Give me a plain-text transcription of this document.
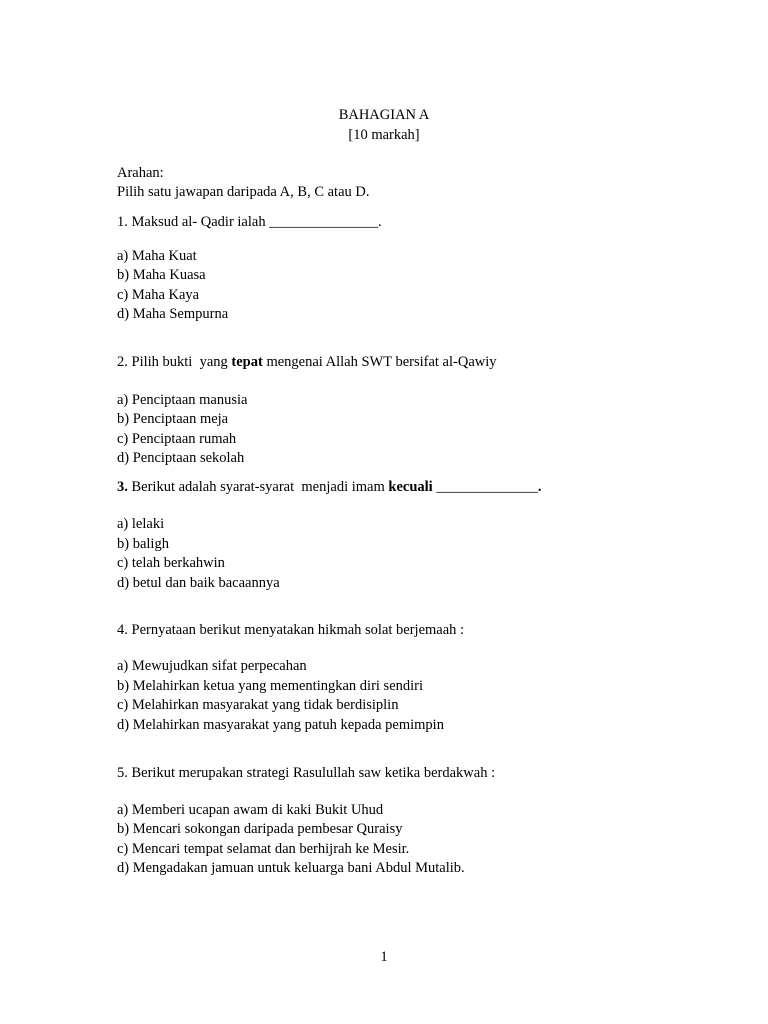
BAHAGIAN A
[10 markah]
Arahan:
Pilih satu jawapan daripada A, B, C atau D.
1. Maksud al- Qadir ialah _______________.
a) Maha Kuat
b) Maha Kuasa
c) Maha Kaya
d) Maha Sempurna
2. Pilih bukti  yang tepat mengenai Allah SWT bersifat al-Qawiy
a) Penciptaan manusia
b) Penciptaan meja
c) Penciptaan rumah
d) Penciptaan sekolah
3. Berikut adalah syarat-syarat  menjadi imam kecuali ______________.
a) lelaki
b) baligh
c) telah berkahwin
d) betul dan baik bacaannya
4. Pernyataan berikut menyatakan hikmah solat berjemaah :
a) Mewujudkan sifat perpecahan
b) Melahirkan ketua yang mementingkan diri sendiri
c) Melahirkan masyarakat yang tidak berdisiplin
d) Melahirkan masyarakat yang patuh kepada pemimpin
5. Berikut merupakan strategi Rasulullah saw ketika berdakwah :
a) Memberi ucapan awam di kaki Bukit Uhud
b) Mencari sokongan daripada pembesar Quraisy
c) Mencari tempat selamat dan berhijrah ke Mesir.
d) Mengadakan jamuan untuk keluarga bani Abdul Mutalib.
1
